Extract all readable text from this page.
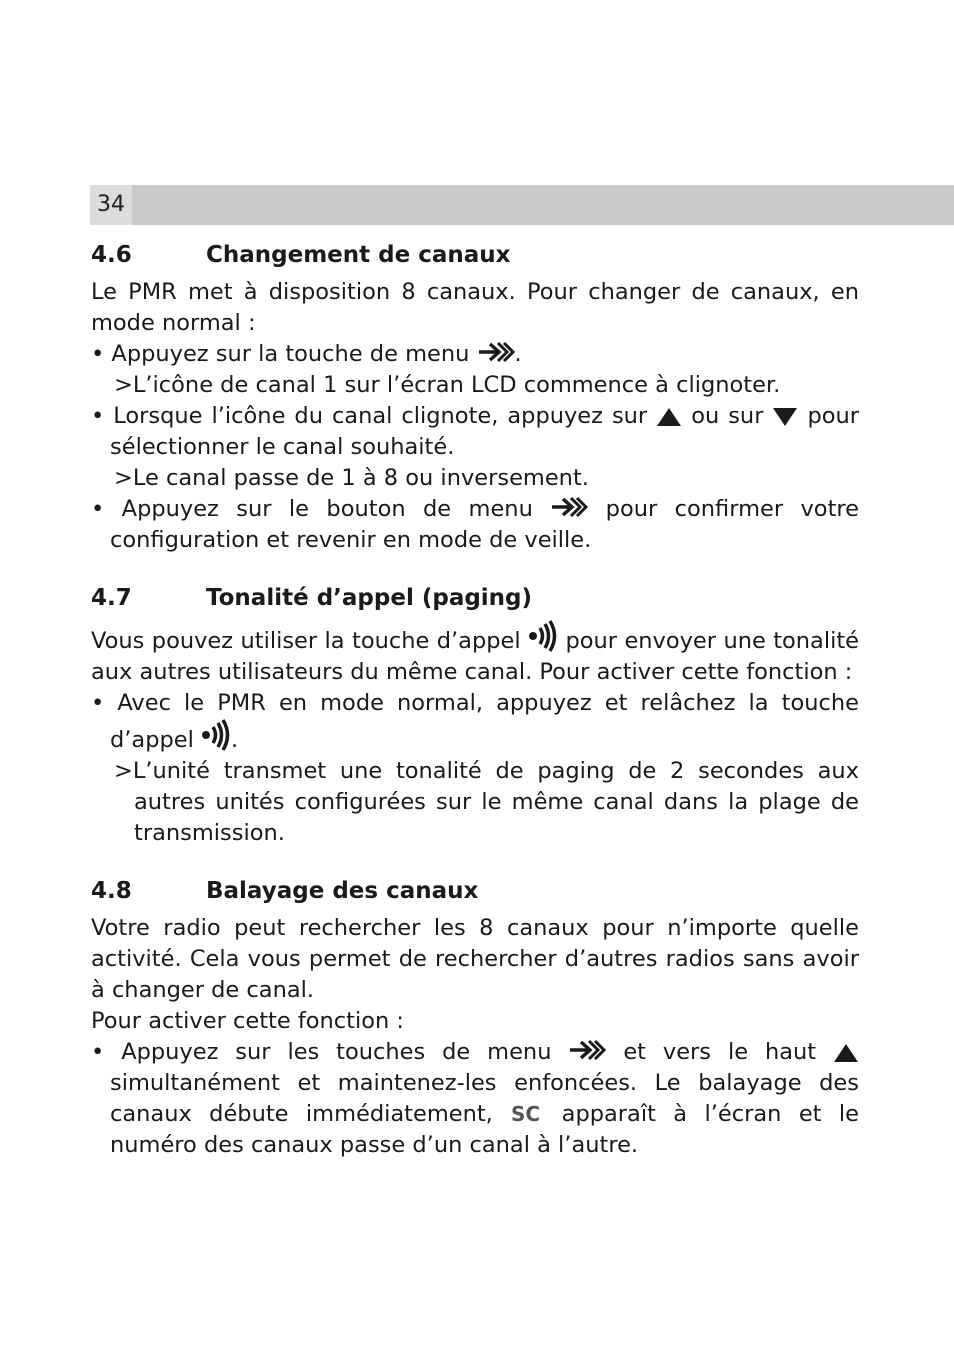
34
4.6	Changement de canaux
Le PMR met à disposition 8 canaux. Pour changer de canaux, en mode normal :
• Appuyez sur la touche de menu .
>L’icône de canal 1 sur l’écran LCD commence à clignoter.
• Lorsque l’icône du canal clignote, appuyez sur ou sur pour sélectionner le canal souhaité.
>Le canal passe de 1 à 8 ou inversement.
• Appuyez sur le bouton de menu	pour confirmer votre configuration et revenir en mode de veille.
4.7	Tonalité d’appel (paging)
Vous pouvez utiliser la touche d’appel pour envoyer une tonalité aux autres utilisateurs du même canal. Pour activer cette fonction :
• Avec le PMR en mode normal, appuyez et relâchez la touche d’appel .
>L’unité transmet une tonalité de paging de 2 secondes aux autres unités configurées sur le même canal dans la plage de transmission.
4.8	Balayage des canaux
Votre radio peut rechercher les 8 canaux pour n’importe quelle activité. Cela vous permet de rechercher d’autres radios sans avoir à changer de canal.
Pour activer cette fonction :
• Appuyez sur les touches de menu	et vers le haut  simultanément et maintenez-les enfoncées. Le balayage des canaux débute immédiatement, SC apparaît à l’écran et le numéro des canaux passe d’un canal à l’autre.
